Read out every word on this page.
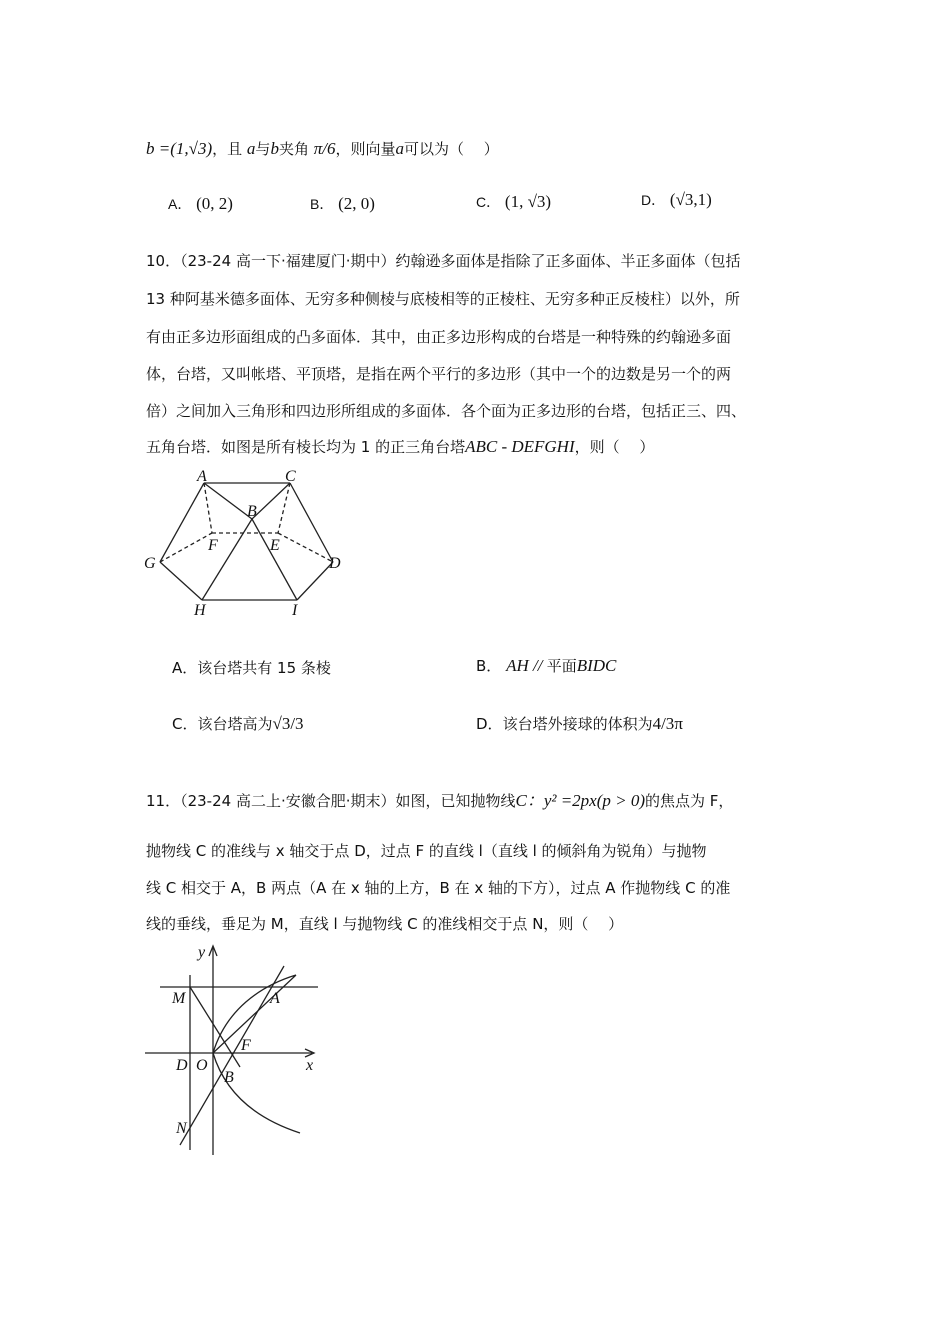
b =(1,√3)，且 a与b夹角 π/6，则向量a可以为（　 ）
A． (0, 2)	B． (2, 0)	C． (1, √3)	D． (√3,1)
10．（23-24 高一下·福建厦门·期中）约翰逊多面体是指除了正多面体、半正多面体（包括
13 种阿基米德多面体、无穷多种侧棱与底棱相等的正棱柱、无穷多种正反棱柱）以外，所
有由正多边形面组成的凸多面体．其中，由正多边形构成的台塔是一种特殊的约翰逊多面
体，台塔，又叫帐塔、平顶塔，是指在两个平行的多边形（其中一个的边数是另一个的两
倍）之间加入三角形和四边形所组成的多面体．各个面为正多边形的台塔，包括正三、四、
五角台塔．如图是所有棱长均为 1 的正三角台塔ABC - DEFGHI，则（　 ）
A．该台塔共有 15 条棱	B． AH // 平面BIDC
C．该台塔高为√3/3	D．该台塔外接球的体积为4/3π
11．（23-24 高二上·安徽合肥·期末）如图，已知抛物线C：y² =2px(p > 0)的焦点为 F，
抛物线 C 的准线与 x 轴交于点 D，过点 F 的直线 l（直线 l 的倾斜角为锐角）与抛物
线 C 相交于 A，B 两点（A 在 x 轴的上方，B 在 x 轴的下方），过点 A 作抛物线 C 的准
线的垂线，垂足为 M，直线 l 与抛物线 C 的准线相交于点 N，则（　 ）
A	C
B
F	E
G	D
H	I
y
x
M	A
D O
F
B
N
